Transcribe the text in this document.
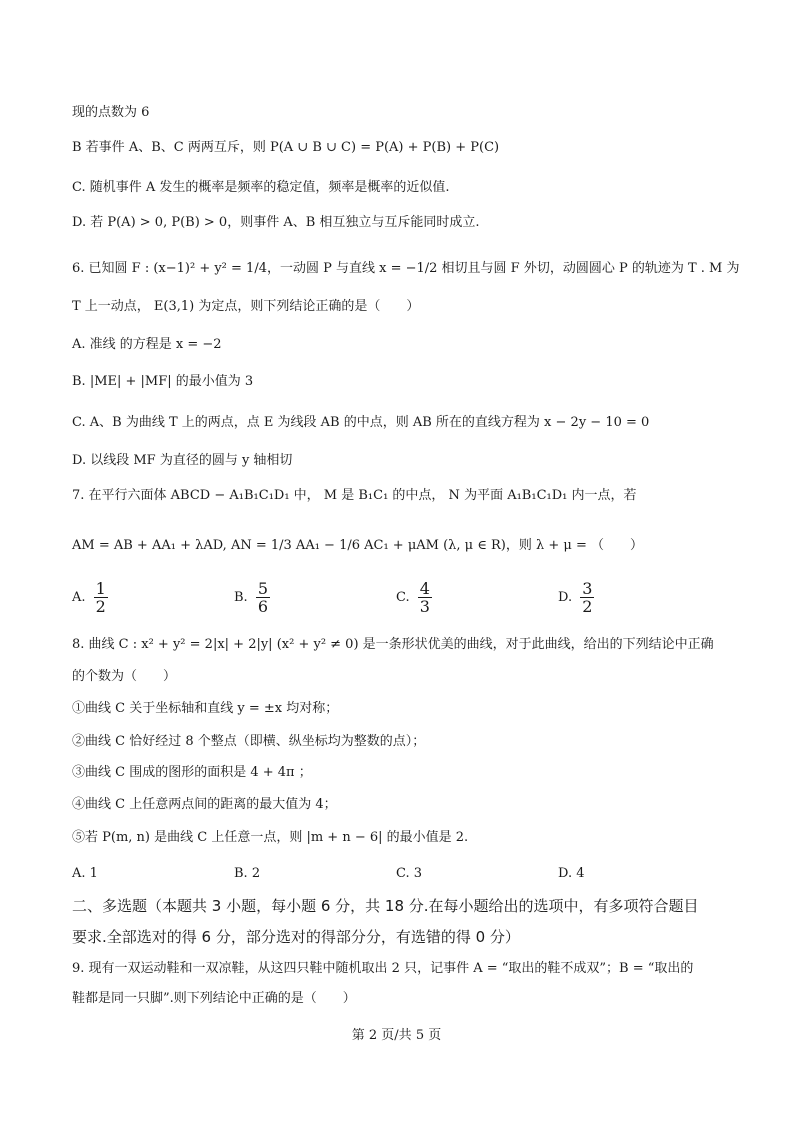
现的点数为 6
B 若事件 A、B、C 两两互斥，则 P(A ∪ B ∪ C) = P(A) + P(B) + P(C)
C. 随机事件 A 发生的概率是频率的稳定值，频率是概率的近似值.
D. 若 P(A) > 0, P(B) > 0，则事件 A、B 相互独立与互斥能同时成立.
6. 已知圆 F : (x−1)² + y² = 1/4，一动圆 P 与直线 x = −1/2 相切且与圆 F 外切，动圆圆心 P 的轨迹为 T . M 为
T 上一动点， E(3,1) 为定点，则下列结论正确的是（　　）
A. 准线 的方程是 x = −2
B. |ME| + |MF| 的最小值为 3
C. A、B 为曲线 T 上的两点，点 E 为线段 AB 的中点，则 AB 所在的直线方程为 x − 2y − 10 = 0
D. 以线段 MF 为直径的圆与 y 轴相切
7. 在平行六面体 ABCD − A₁B₁C₁D₁ 中， M 是 B₁C₁ 的中点， N 为平面 A₁B₁C₁D₁ 内一点，若
AM = AB + AA₁ + λAD, AN = 1/3 AA₁ − 1/6 AC₁ + μAM (λ, μ ∈ R)，则 λ + μ = （　　）
A. $\frac{1}{2}$	B. $\frac{5}{6}$	C. $\frac{4}{3}$	D. $\frac{3}{2}$
8. 曲线 C : x² + y² = 2|x| + 2|y| (x² + y² ≠ 0) 是一条形状优美的曲线，对于此曲线，给出的下列结论中正确
的个数为（　　）
①曲线 C 关于坐标轴和直线 y = ±x 均对称；
②曲线 C 恰好经过 8 个整点（即横、纵坐标均为整数的点）；
③曲线 C 围成的图形的面积是 4 + 4π ；
④曲线 C 上任意两点间的距离的最大值为 4；
⑤若 P(m, n) 是曲线 C 上任意一点，则 |m + n − 6| 的最小值是 2.
A. 1	B. 2	C. 3	D. 4
二、多选题（本题共 3 小题，每小题 6 分，共 18 分.在每小题给出的选项中，有多项符合题目
要求.全部选对的得 6 分，部分选对的得部分分，有选错的得 0 分）
9. 现有一双运动鞋和一双凉鞋，从这四只鞋中随机取出 2 只，记事件 A = “取出的鞋不成双”；B = “取出的
鞋都是同一只脚”.则下列结论中正确的是（　　）
第 2 页/共 5 页
